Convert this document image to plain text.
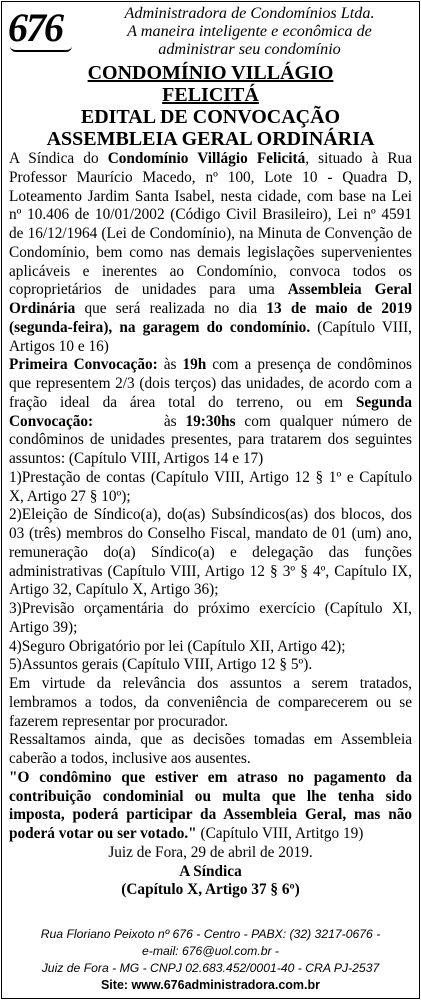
676	Administradora de Condomínios Ltda.
A maneira inteligente e econômica de
administrar seu condomínio
CONDOMÍNIO VILLÁGIO
FELICITÁ
EDITAL DE CONVOCAÇÃO
ASSEMBLEIA GERAL ORDINÁRIA

A Síndica do Condomínio Villágio Felicitá, situado à Rua Professor Maurício Macedo, nº 100, Lote 10 - Quadra D, Loteamento Jardim Santa Isabel, nesta cidade, com base na Lei nº 10.406 de 10/01/2002 (Código Civil Brasileiro), Lei nº 4591 de 16/12/1964 (Lei de Condomínio), na Minuta de Convenção de Condomínio, bem como nas demais legislações supervenientes aplicáveis e inerentes ao Condomínio, convoca todos os coproprietários de unidades para uma Assembleia Geral Ordinária que será realizada no dia 13 de maio de 2019 (segunda-feira), na garagem do condomínio. (Capítulo VIII, Artigos 10 e 16)

Primeira Convocação: às 19h com a presença de condôminos que representem 2/3 (dois terços) das unidades, de acordo com a fração ideal da área total do terreno, ou em Segunda Convocação:        às 19:30hs com qualquer número de condôminos de unidades presentes, para tratarem dos seguintes assuntos: (Capítulo VIII, Artigos 14 e 17)

1)Prestação de contas (Capítulo VIII, Artigo 12 § 1º e Capítulo X, Artigo 27 § 10º);

2)Eleição de Síndico(a), do(as) Subsíndicos(as) dos blocos, dos 03 (três) membros do Conselho Fiscal, mandato de 01 (um) ano, remuneração do(a) Síndico(a) e delegação das funções administrativas (Capítulo VIII, Artigo 12 § 3º § 4º, Capítulo IX, Artigo 32, Capítulo X, Artigo 36);

3)Previsão orçamentária do próximo exercício (Capítulo XI, Artigo 39);

4)Seguro Obrigatório por lei (Capítulo XII, Artigo 42);

5)Assuntos gerais (Capítulo VIII, Artigo 12 § 5º).

Em virtude da relevância dos assuntos a serem tratados, lembramos a todos, da conveniência de comparecerem ou se fazerem representar por procurador.

Ressaltamos ainda, que as decisões tomadas em Assembleia caberão a todos, inclusive aos ausentes.

"O condômino que estiver em atraso no pagamento da contribuição condominial ou multa que lhe tenha sido imposta, poderá participar da Assembleia Geral, mas não poderá votar ou ser votado." (Capítulo VIII, Artitgo 19)

Juiz de Fora, 29 de abril de 2019.

A Síndica

(Capítulo X, Artigo 37 § 6º)

Rua Floriano Peixoto nº 676 - Centro - PABX: (32) 3217-0676 -
e-mail: 676@uol.com.br -
Juiz de Fora - MG - CNPJ 02.683.452/0001-40 - CRA PJ-2537
Site: www.676administradora.com.br
